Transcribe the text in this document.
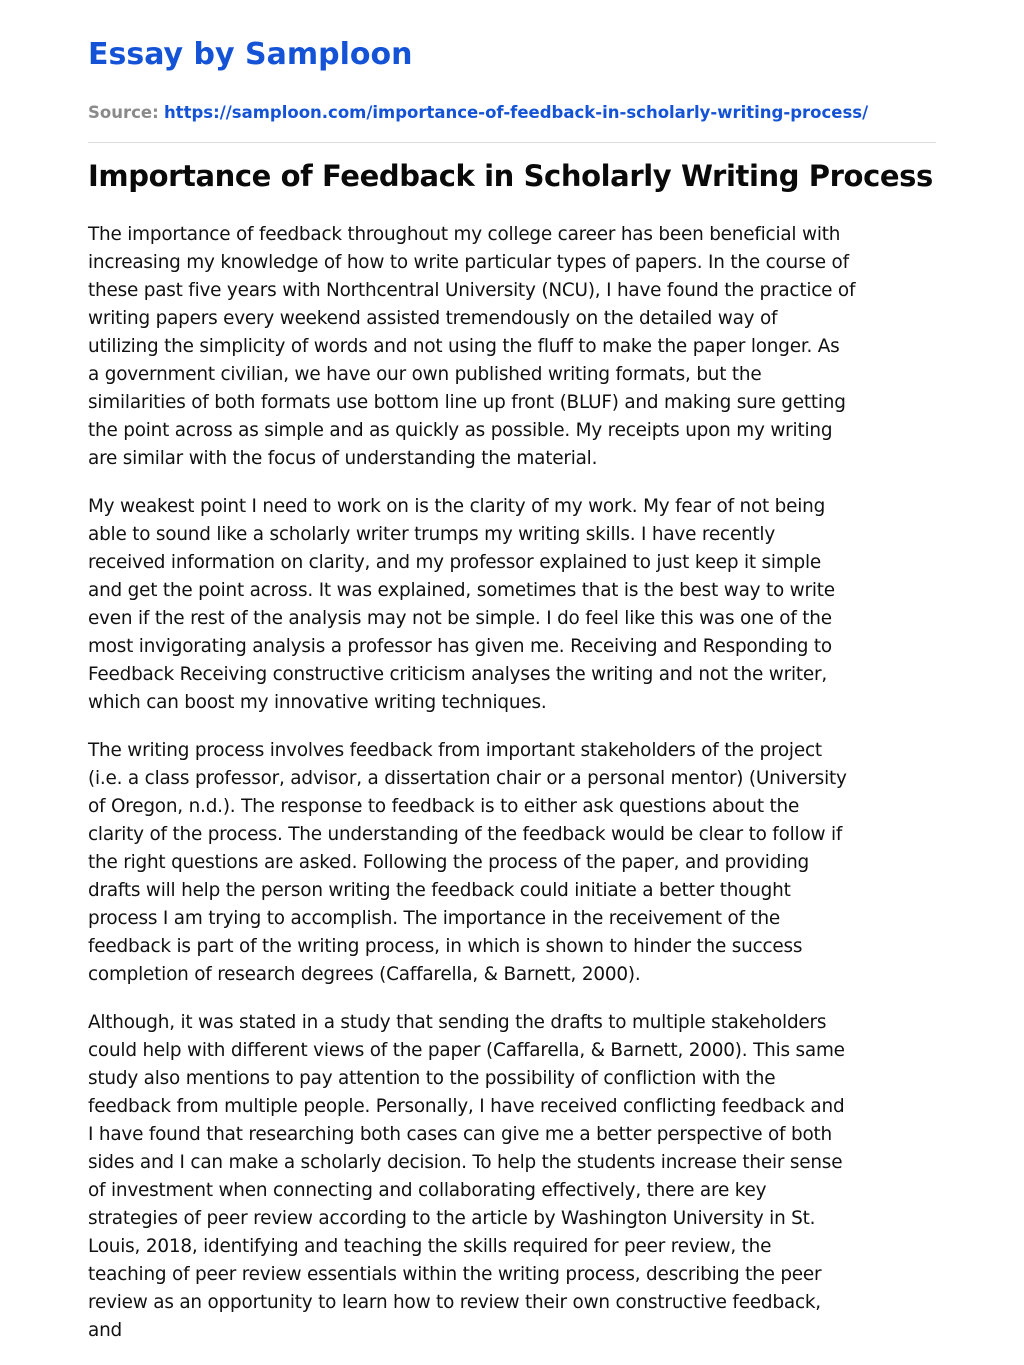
Essay by Samploon
Source: https://samploon.com/importance-of-feedback-in-scholarly-writing-process/
Importance of Feedback in Scholarly Writing Process

The importance of feedback throughout my college career has been beneficial with
increasing my knowledge of how to write particular types of papers. In the course of
these past five years with Northcentral University (NCU), I have found the practice of
writing papers every weekend assisted tremendously on the detailed way of
utilizing the simplicity of words and not using the fluff to make the paper longer. As
a government civilian, we have our own published writing formats, but the
similarities of both formats use bottom line up front (BLUF) and making sure getting
the point across as simple and as quickly as possible. My receipts upon my writing
are similar with the focus of understanding the material.

My weakest point I need to work on is the clarity of my work. My fear of not being
able to sound like a scholarly writer trumps my writing skills. I have recently
received information on clarity, and my professor explained to just keep it simple
and get the point across. It was explained, sometimes that is the best way to write
even if the rest of the analysis may not be simple. I do feel like this was one of the
most invigorating analysis a professor has given me. Receiving and Responding to
Feedback Receiving constructive criticism analyses the writing and not the writer,
which can boost my innovative writing techniques.

The writing process involves feedback from important stakeholders of the project
(i.e. a class professor, advisor, a dissertation chair or a personal mentor) (University
of Oregon, n.d.). The response to feedback is to either ask questions about the
clarity of the process. The understanding of the feedback would be clear to follow if
the right questions are asked. Following the process of the paper, and providing
drafts will help the person writing the feedback could initiate a better thought
process I am trying to accomplish. The importance in the receivement of the
feedback is part of the writing process, in which is shown to hinder the success
completion of research degrees (Caffarella, & Barnett, 2000).

Although, it was stated in a study that sending the drafts to multiple stakeholders
could help with different views of the paper (Caffarella, & Barnett, 2000). This same
study also mentions to pay attention to the possibility of confliction with the
feedback from multiple people. Personally, I have received conflicting feedback and
I have found that researching both cases can give me a better perspective of both
sides and I can make a scholarly decision. To help the students increase their sense
of investment when connecting and collaborating effectively, there are key
strategies of peer review according to the article by Washington University in St.
Louis, 2018, identifying and teaching the skills required for peer review, the
teaching of peer review essentials within the writing process, describing the peer
review as an opportunity to learn how to review their own constructive feedback,
and
